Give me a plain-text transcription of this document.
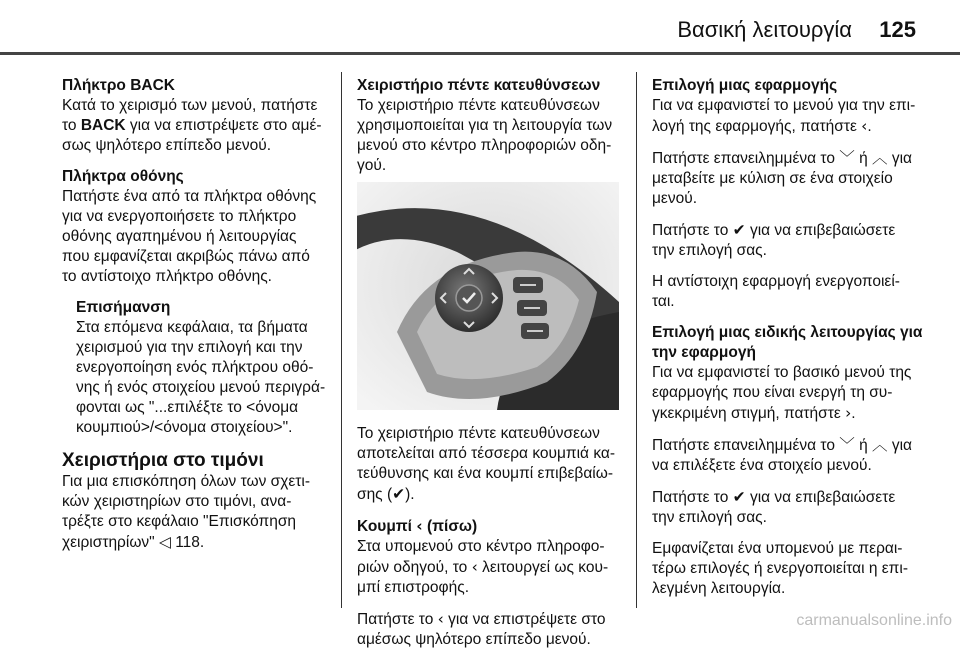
Βασική λειτουργία 125
Πλήκτρο BACK

Κατά το χειρισμό των μενού, πατήστε
το BACK για να επιστρέψετε στο αμέ-
σως ψηλότερο επίπεδο μενού.

Πλήκτρα οθόνης

Πατήστε ένα από τα πλήκτρα οθόνης
για να ενεργοποιήσετε το πλήκτρο
οθόνης αγαπημένου ή λειτουργίας
που εμφανίζεται ακριβώς πάνω από
το αντίστοιχο πλήκτρο οθόνης.

Επισήμανση
Στα επόμενα κεφάλαια, τα βήματα
χειρισμού για την επιλογή και την
ενεργοποίηση ενός πλήκτρου οθό-
νης ή ενός στοιχείου μενού περιγρά-
φονται ως "...επιλέξτε το <όνομα
κουμπιού>/<όνομα στοιχείου>".
Χειριστήρια στο τιμόνι

Για μια επισκόπηση όλων των σχετι-
κών χειριστηρίων στο τιμόνι, ανα-
τρέξτε στο κεφάλαιο "Επισκόπηση
χειριστηρίων" ◁ 118.

Χειριστήριο πέντε κατευθύνσεων

Το χειριστήριο πέντε κατευθύνσεων
χρησιμοποιείται για τη λειτουργία των
μενού στο κέντρο πληροφοριών οδη-
γού.

Το χειριστήριο πέντε κατευθύνσεων
αποτελείται από τέσσερα κουμπιά κα-
τεύθυνσης και ένα κουμπί επιβεβαίω-
σης (✔).

Κουμπί ‹ (πίσω)

Στα υπομενού στο κέντρο πληροφο-
ριών οδηγού, το ‹ λειτουργεί ως κου-
μπί επιστροφής.

Πατήστε το ‹ για να επιστρέψετε στο
αμέσως ψηλότερο επίπεδο μενού.

Επιλογή μιας εφαρμογής

Για να εμφανιστεί το μενού για την επι-
λογή της εφαρμογής, πατήστε ‹.

Πατήστε επανειλημμένα το ﹀ ή ︿ για
μεταβείτε με κύλιση σε ένα στοιχείο
μενού.

Πατήστε το ✔ για να επιβεβαιώσετε
την επιλογή σας.

Η αντίστοιχη εφαρμογή ενεργοποιεί-
ται.

Επιλογή μιας ειδικής λειτουργίας για
την εφαρμογή

Για να εμφανιστεί το βασικό μενού της
εφαρμογής που είναι ενεργή τη συ-
γκεκριμένη στιγμή, πατήστε ›.

Πατήστε επανειλημμένα το ﹀ ή ︿ για
να επιλέξετε ένα στοιχείο μενού.

Πατήστε το ✔ για να επιβεβαιώσετε
την επιλογή σας.

Εμφανίζεται ένα υπομενού με περαι-
τέρω επιλογές ή ενεργοποιείται η επι-
λεγμένη λειτουργία.

carmanualsonline.info
